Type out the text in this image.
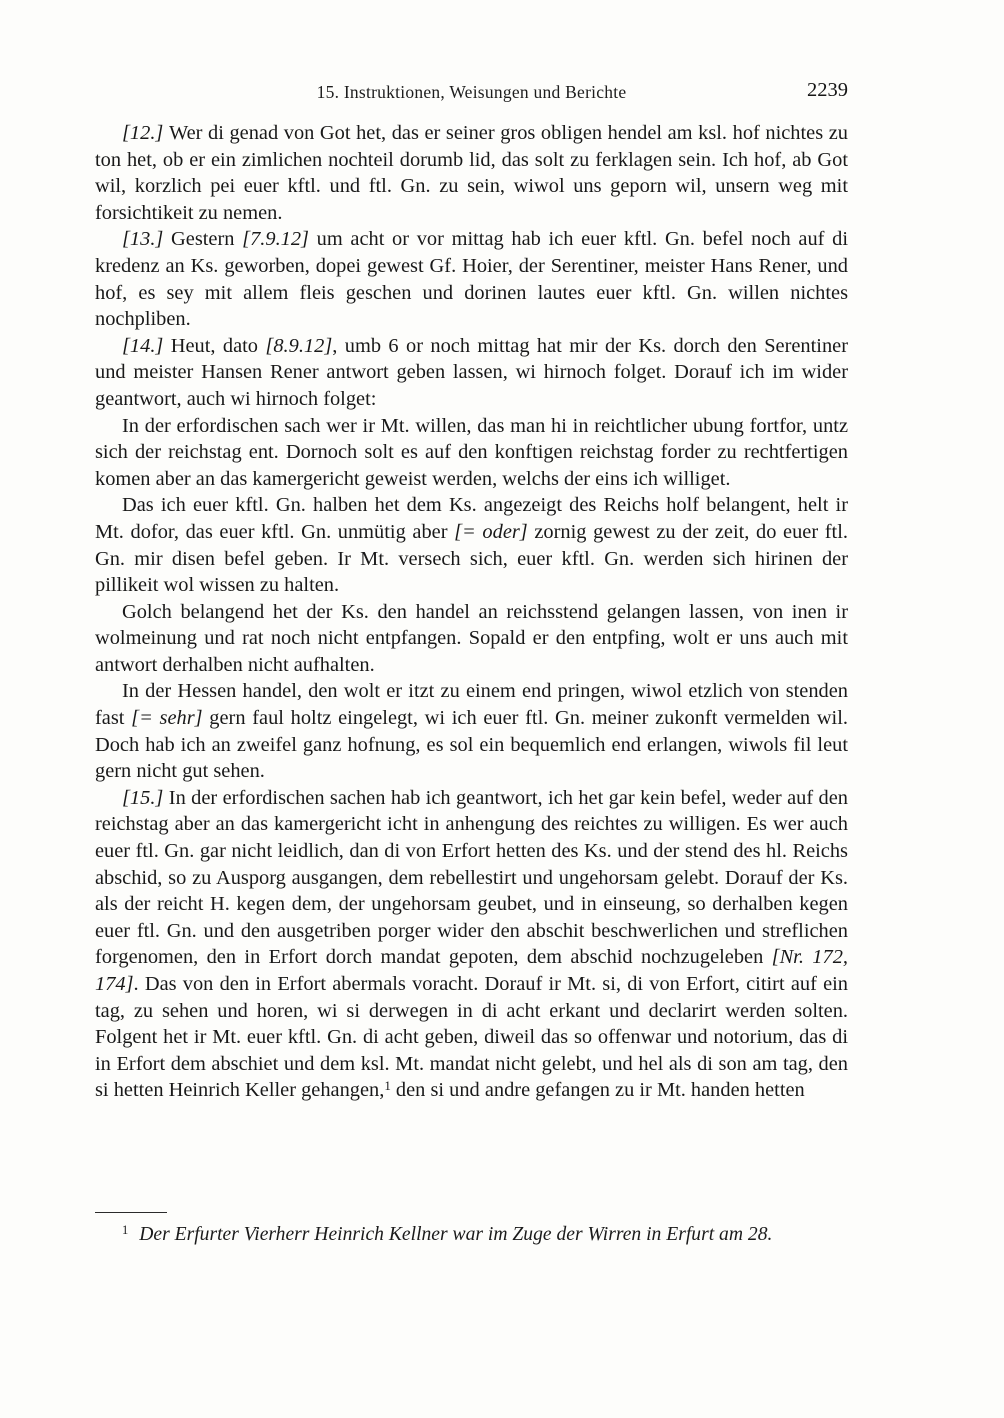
15. Instruktionen, Weisungen und Berichte	2239

[12.] Wer di genad von Got het, das er seiner gros obligen hendel am ksl. hof nichtes zu ton het, ob er ein zimlichen nochteil dorumb lid, das solt zu ferklagen sein. Ich hof, ab Got wil, korzlich pei euer kftl. und ftl. Gn. zu sein, wiwol uns geporn wil, unsern weg mit forsichtikeit zu nemen.

[13.] Gestern [7.9.12] um acht or vor mittag hab ich euer kftl. Gn. befel noch auf di kredenz an Ks. geworben, dopei gewest Gf. Hoier, der Serentiner, meister Hans Rener, und hof, es sey mit allem fleis geschen und dorinen lautes euer kftl. Gn. willen nichtes nochpliben.

[14.] Heut, dato [8.9.12], umb 6 or noch mittag hat mir der Ks. dorch den Serentiner und meister Hansen Rener antwort geben lassen, wi hirnoch folget. Dorauf ich im wider geantwort, auch wi hirnoch folget:

In der erfordischen sach wer ir Mt. willen, das man hi in reichtlicher ubung fortfor, untz sich der reichstag ent. Dornoch solt es auf den konftigen reichstag forder zu rechtfertigen komen aber an das kamergericht geweist werden, welchs der eins ich williget.

Das ich euer kftl. Gn. halben het dem Ks. angezeigt des Reichs holf belangent, helt ir Mt. dofor, das euer kftl. Gn. unmütig aber [= oder] zornig gewest zu der zeit, do euer ftl. Gn. mir disen befel geben. Ir Mt. versech sich, euer kftl. Gn. werden sich hirinen der pillikeit wol wissen zu halten.

Golch belangend het der Ks. den handel an reichsstend gelangen lassen, von inen ir wolmeinung und rat noch nicht entpfangen. Sopald er den entpfing, wolt er uns auch mit antwort derhalben nicht aufhalten.

In der Hessen handel, den wolt er itzt zu einem end pringen, wiwol etzlich von stenden fast [= sehr] gern faul holtz eingelegt, wi ich euer ftl. Gn. meiner zukonft vermelden wil. Doch hab ich an zweifel ganz hofnung, es sol ein bequemlich end erlangen, wiwols fil leut gern nicht gut sehen.

[15.] In der erfordischen sachen hab ich geantwort, ich het gar kein befel, weder auf den reichstag aber an das kamergericht icht in anhengung des reichtes zu willigen. Es wer auch euer ftl. Gn. gar nicht leidlich, dan di von Erfort hetten des Ks. und der stend des hl. Reichs abschid, so zu Ausporg ausgangen, dem rebellestirt und ungehorsam gelebt. Dorauf der Ks. als der reicht H. kegen dem, der ungehorsam geubet, und in einseung, so derhalben kegen euer ftl. Gn. und den ausgetriben porger wider den abschit beschwerlichen und streflichen forgenomen, den in Erfort dorch mandat gepoten, dem abschid nochzugeleben [Nr. 172, 174]. Das von den in Erfort abermals voracht. Dorauf ir Mt. si, di von Erfort, citirt auf ein tag, zu sehen und horen, wi si derwegen in di acht erkant und declarirt werden solten. Folgent het ir Mt. euer kftl. Gn. di acht geben, diweil das so offenwar und notorium, das di in Erfort dem abschiet und dem ksl. Mt. mandat nicht gelebt, und hel als di son am tag, den si hetten Heinrich Keller gehangen,$^1$ den si und andre gefangen zu ir Mt. handen hetten

$^1$ Der Erfurter Vierherr Heinrich Kellner war im Zuge der Wirren in Erfurt am 28.
